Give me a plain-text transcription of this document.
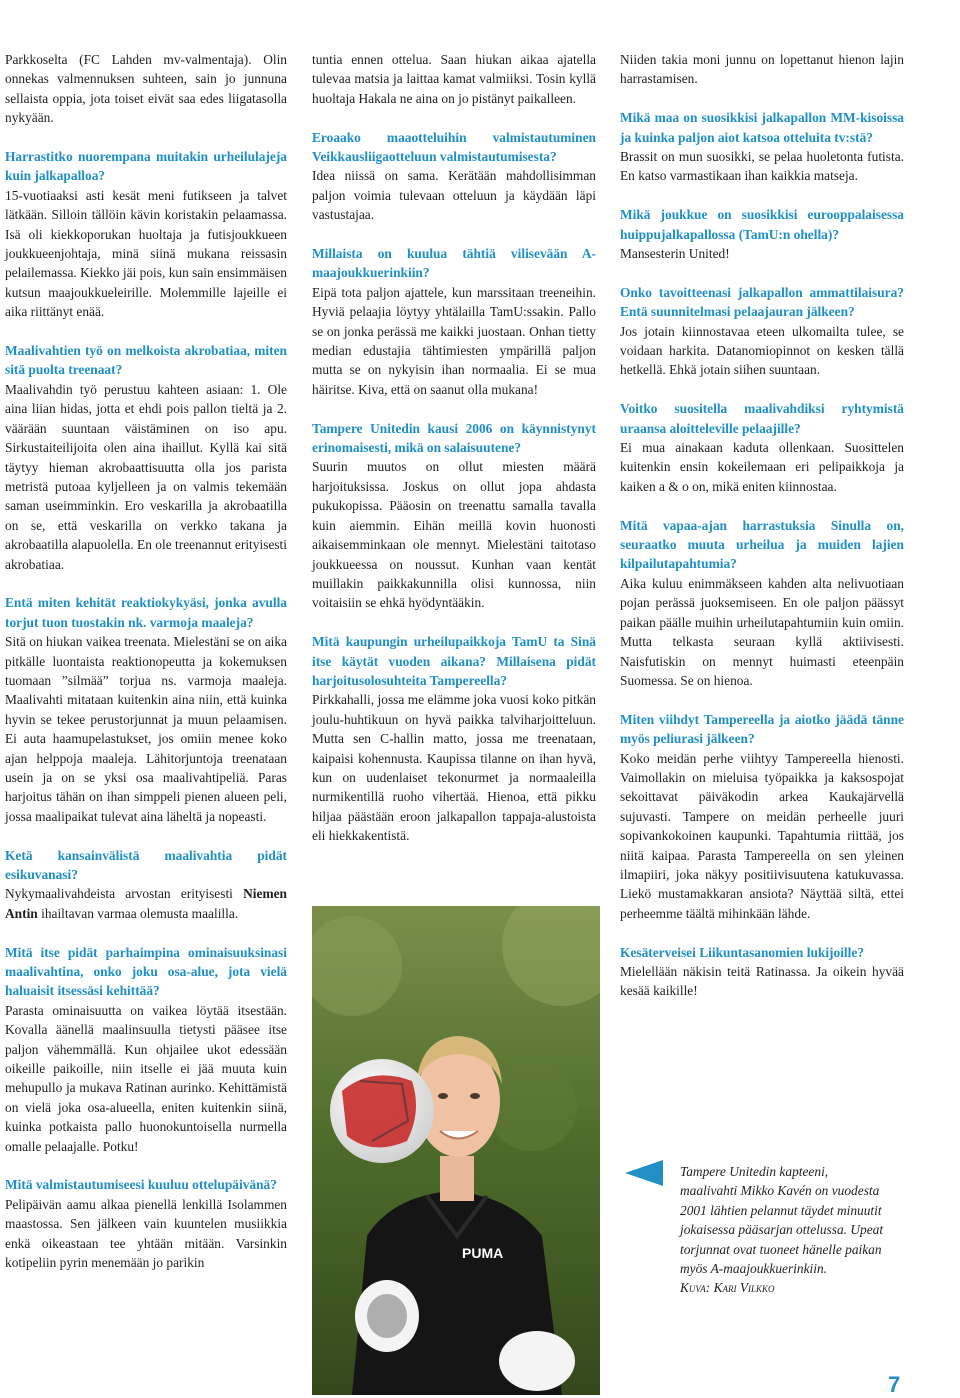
Parkkoselta (FC Lahden mv-valmentaja). Olin onnekas valmennuksen suhteen, sain jo junnuna sellaista oppia, jota toiset eivät saa edes liigatasolla nykyään.

Harrastitko nuorempana muitakin urheilulajeja kuin jalkapalloa?

15-vuotiaaksi asti kesät meni futikseen ja talvet lätkään. Silloin tällöin kävin koristakin pelaamassa. Isä oli kiekkoporukan huoltaja ja futisjoukkueen joukkueenjohtaja, minä siinä mukana reissasin pelailemassa. Kiekko jäi pois, kun sain ensimmäisen kutsun maajoukkueleirille. Molemmille lajeille ei aika riittänyt enää.

Maalivahtien työ on melkoista akrobatiaa, miten sitä puolta treenaat?

Maalivahdin työ perustuu kahteen asiaan: 1. Ole aina liian hidas, jotta et ehdi pois pallon tieltä ja 2. väärään suuntaan väistäminen on iso apu. Sirkustaiteilijoita olen aina ihaillut. Kyllä kai sitä täytyy hieman akrobaattisuutta olla jos parista metristä putoaa kyljelleen ja on valmis tekemään saman useimminkin. Ero veskarilla ja akrobaatilla on se, että veskarilla on verkko takana ja akrobaatilla alapuolella. En ole treenannut erityisesti akrobatiaa.

Entä miten kehität reaktiokykyäsi, jonka avulla torjut tuon tuostakin nk. varmoja maaleja?

Sitä on hiukan vaikea treenata. Mielestäni se on aika pitkälle luontaista reaktionopeutta ja kokemuksen tuomaan ”silmää” torjua ns. varmoja maaleja. Maalivahti mitataan kuitenkin aina niin, että kuinka hyvin se tekee perustorjunnat ja muun pelaamisen. Ei auta haamupelastukset, jos omiin menee koko ajan helppoja maaleja. Lähitorjuntoja treenataan usein ja on se yksi osa maalivahtipeliä. Paras harjoitus tähän on ihan simppeli pienen alueen peli, jossa maalipaikat tulevat aina läheltä ja nopeasti.

Ketä kansainvälistä maalivahtia pidät esikuvanasi?

Nykymaalivahdeista arvostan erityisesti Niemen Antin ihailtavan varmaa olemusta maalilla.

Mitä itse pidät parhaimpina ominaisuuksinasi maalivahtina, onko joku osa-alue, jota vielä haluaisit itsessäsi kehittää?

Parasta ominaisuutta on vaikea löytää itsestään. Kovalla äänellä maalinsuulla tietysti pääsee itse paljon vähemmällä. Kun ohjailee ukot edessään oikeille paikoille, niin itselle ei jää muuta kuin mehupullo ja mukava Ratinan aurinko. Kehittämistä on vielä joka osa-alueella, eniten kuitenkin siinä, kuinka potkaista pallo huonokuntoisella nurmella omalle pelaajalle. Potku!

Mitä valmistautumiseesi kuuluu ottelupäivänä?

Pelipäivän aamu alkaa pienellä lenkillä Isolammen maastossa. Sen jälkeen vain kuuntelen musiikkia enkä oikeastaan tee yhtään mitään. Varsinkin kotipeliin pyrin menemään jo parikin

tuntia ennen ottelua. Saan hiukan aikaa ajatella tulevaa matsia ja laittaa kamat valmiiksi. Tosin kyllä huoltaja Hakala ne aina on jo pistänyt paikalleen.

Eroaako maaotteluihin valmistautuminen Veikkausliigaotteluun valmistautumisesta?

Idea niissä on sama. Kerätään mahdollisimman paljon voimia tulevaan otteluun ja käydään läpi vastustajaa.

Millaista on kuulua tähtiä vilisevään A-maajoukkuerinkiin?

Eipä tota paljon ajattele, kun marssitaan treeneihin. Hyviä pelaajia löytyy yhtälailla TamU:ssakin. Pallo se on jonka perässä me kaikki juostaan. Onhan tietty median edustajia tähtimiesten ympärillä paljon mutta se on nykyisin ihan normaalia. Ei se mua häiritse. Kiva, että on saanut olla mukana!

Tampere Unitedin kausi 2006 on käynnistynyt erinomaisesti, mikä on salaisuutene?

Suurin muutos on ollut miesten määrä harjoituksissa. Joskus on ollut jopa ahdasta pukukopissa. Pääosin on treenattu samalla tavalla kuin aiemmin. Eihän meillä kovin huonosti aikaisemminkaan ole mennyt. Mielestäni taitotaso joukkueessa on noussut. Kunhan vaan kentät muillakin paikkakunnilla olisi kunnossa, niin voitaisiin se ehkä hyödyntääkin.

Mitä kaupungin urheilupaikkoja TamU ta Sinä itse käytät vuoden aikana? Millaisena pidät harjoitusolosuhteita Tampereella?

Pirkkahalli, jossa me elämme joka vuosi koko pitkän joulu-huhtikuun on hyvä paikka talviharjoitteluun. Mutta sen C-hallin matto, jossa me treenataan, kaipaisi kohennusta. Kaupissa tilanne on ihan hyvä, kun on uudenlaiset tekonurmet ja normaaleilla nurmikentillä ruoho vihertää. Hienoa, että pikku hiljaa päästään eroon jalkapallon tappaja-alustoista eli hiekkakentistä.

Niiden takia moni junnu on lopettanut hienon lajin harrastamisen.

Mikä maa on suosikkisi jalkapallon MM-kisoissa ja kuinka paljon aiot katsoa otteluita tv:stä?

Brassit on mun suosikki, se pelaa huoletonta futista. En katso varmastikaan ihan kaikkia matseja.

Mikä joukkue on suosikkisi eurooppalaisessa huippujalkapallossa (TamU:n ohella)?

Mansesterin United!

Onko tavoitteenasi jalkapallon ammattilaisura? Entä suunnitelmasi pelaajauran jälkeen?

Jos jotain kiinnostavaa eteen ulkomailta tulee, se voidaan harkita. Datanomiopinnot on kesken tällä hetkellä. Ehkä jotain siihen suuntaan.

Voitko suositella maalivahdiksi ryhtymistä uraansa aloitteleville pelaajille?

Ei mua ainakaan kaduta ollenkaan. Suosittelen kuitenkin ensin kokeilemaan eri pelipaikkoja ja kaiken a & o on, mikä eniten kiinnostaa.

Mitä vapaa-ajan harrastuksia Sinulla on, seuraatko muuta urheilua ja muiden lajien kilpailutapahtumia?

Aika kuluu enimmäkseen kahden alta nelivuotiaan pojan perässä juoksemiseen. En ole paljon päässyt paikan päälle muihin urheilutapahtumiin kuin omiin. Mutta telkasta seuraan kyllä aktiivisesti. Naisfutiskin on mennyt huimasti eteenpäin Suomessa. Se on hienoa.

Miten viihdyt Tampereella ja aiotko jäädä tänne myös peliurasi jälkeen?

Koko meidän perhe viihtyy Tampereella hienosti. Vaimollakin on mieluisa työpaikka ja kaksospojat sekoittavat päiväkodin arkea Kaukajärvellä sujuvasti. Tampere on meidän perheelle juuri sopivankokoinen kaupunki. Tapahtumia riittää, jos niitä kaipaa. Parasta Tampereella on sen yleinen ilmapiiri, joka näkyy positiivisuutena katukuvassa. Liekö mustamakkaran ansiota? Näyttää siltä, ettei perheemme täältä mihinkään lähde.

Kesäterveisei Liikuntasanomien lukijoille?

Mielellään näkisin teitä Ratinassa. Ja oikein hyvää kesää kaikille!

PUMA
Tampere Unitedin kapteeni, maalivahti Mikko Kavén on vuodesta 2001 lähtien pelannut täydet minuutit jokaisessa pääsarjan ottelussa. Upeat torjunnat ovat tuoneet hänelle paikan myös A-maajoukkuerinkiin.
Kuva: Kari Vilkko
7
